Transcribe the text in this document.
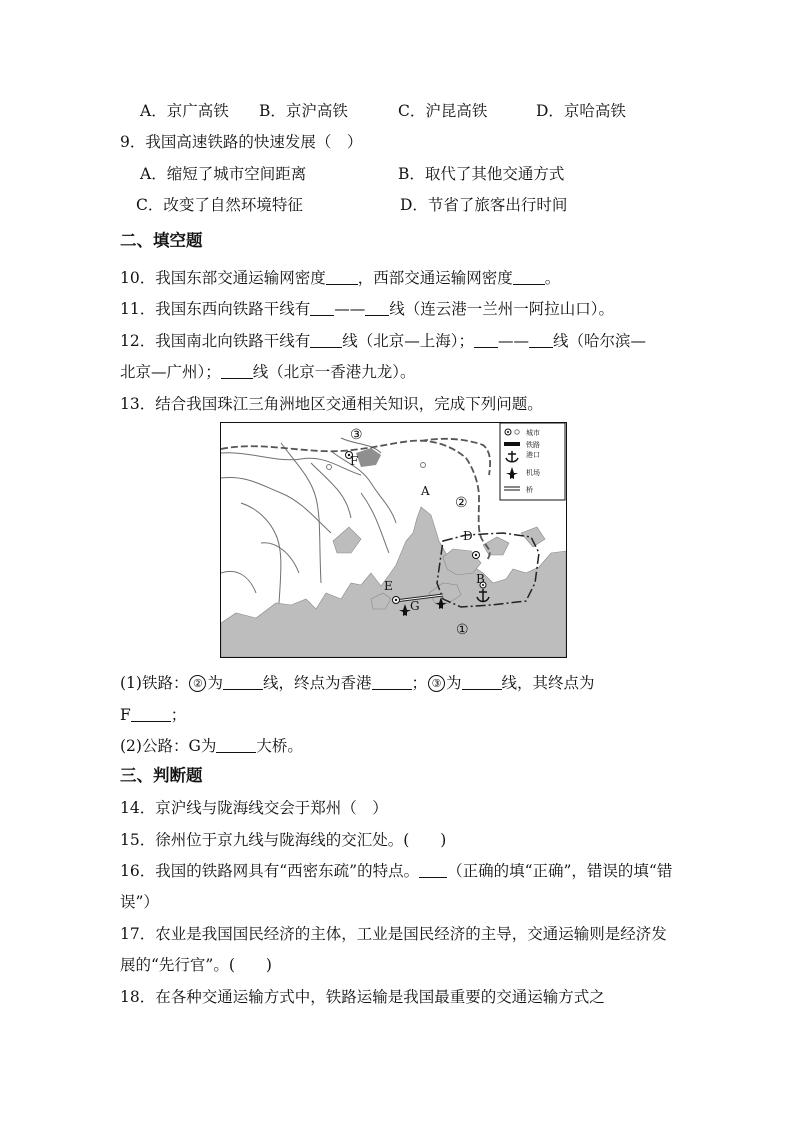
A．京广高铁 B．京沪高铁	C．沪昆高铁	D．京哈高铁
9．我国高速铁路的快速发展（　）
A．缩短了城市空间距离	B．取代了其他交通方式
C．改变了自然环境特征	D．节省了旅客出行时间
二、填空题
10．我国东部交通运输网密度 ，西部交通运输网密度 。
11．我国东西向铁路干线有 —— 线（连云港一兰州一阿拉山口）。
12．我国南北向铁路干线有 线（北京—上海）； —— 线（哈尔滨—
北京—广州）； 线（北京一香港九龙）。
13．结合我国珠江三角洲地区交通相关知识，完成下列问题。
A
B
D
E
F
G
①
②
③	城市
铁路
港口
机场
桥
(1)铁路： ② 为	线，终点为香港	； ③ 为	线，其终点为
F	；
(2)公路：G为	大桥。
三、判断题
14．京沪线与陇海线交会于郑州（　）
15．徐州位于京九线与陇海线的交汇处。(　　)
16．我国的铁路网具有“西密东疏”的特点。 （正确的填“正确”，错误的填“错
误”）
17．农业是我国国民经济的主体，工业是国民经济的主导，交通运输则是经济发
展的“先行官”。(　　)
18．在各种交通运输方式中，铁路运输是我国最重要的交通运输方式之
